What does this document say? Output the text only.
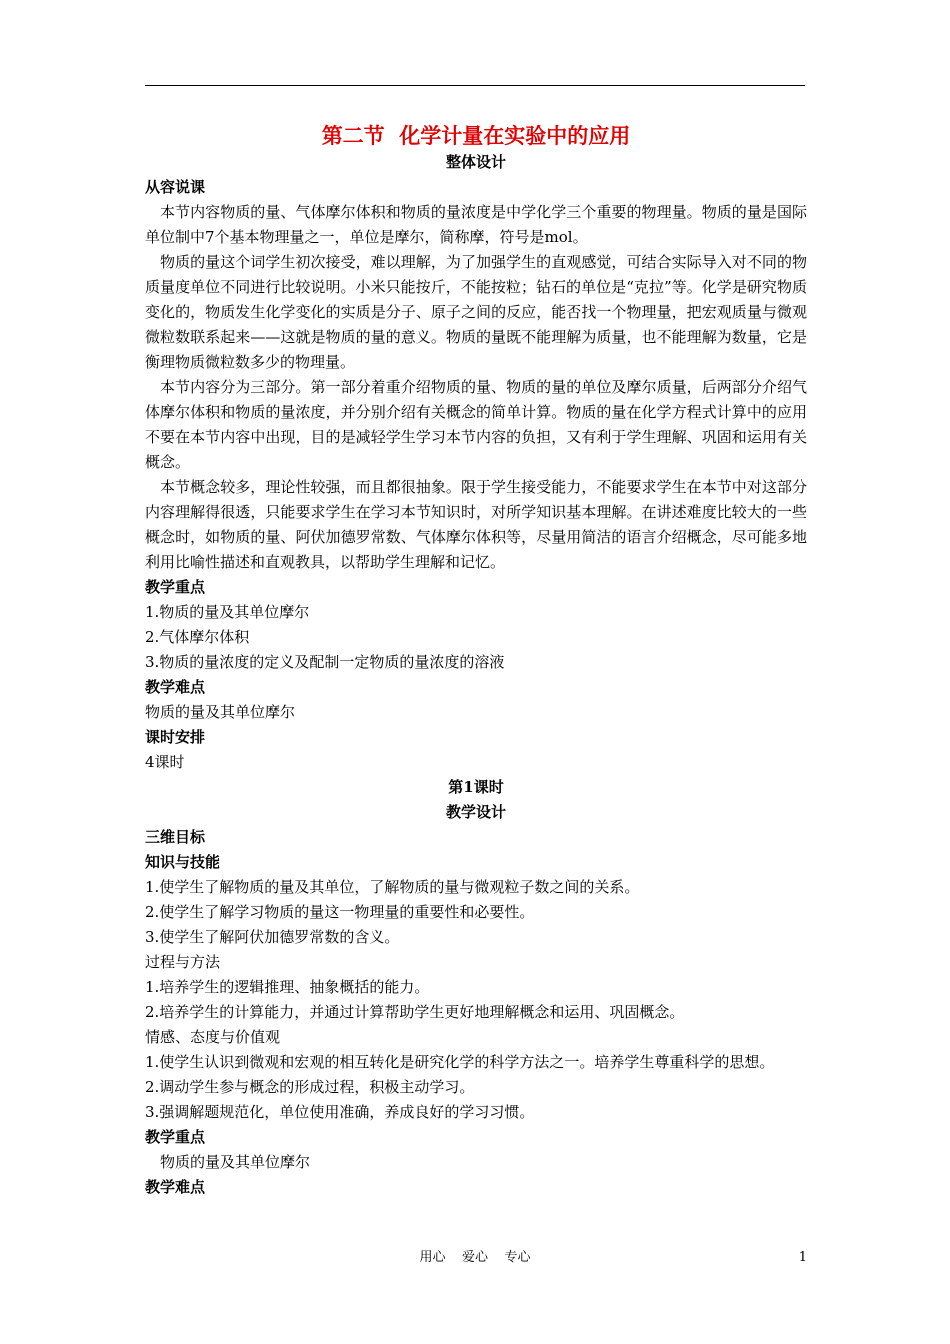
第二节  化学计量在实验中的应用
整体设计
从容说课
本节内容物质的量、气体摩尔体积和物质的量浓度是中学化学三个重要的物理量。物质的量是国际单位制中7个基本物理量之一，单位是摩尔，简称摩，符号是mol。
物质的量这个词学生初次接受，难以理解，为了加强学生的直观感觉，可结合实际导入对不同的物质量度单位不同进行比较说明。小米只能按斤，不能按粒；钻石的单位是“克拉”等。化学是研究物质变化的，物质发生化学变化的实质是分子、原子之间的反应，能否找一个物理量，把宏观质量与微观微粒数联系起来——这就是物质的量的意义。物质的量既不能理解为质量，也不能理解为数量，它是衡理物质微粒数多少的物理量。
本节内容分为三部分。第一部分着重介绍物质的量、物质的量的单位及摩尔质量，后两部分介绍气体摩尔体积和物质的量浓度，并分别介绍有关概念的简单计算。物质的量在化学方程式计算中的应用不要在本节内容中出现，目的是减轻学生学习本节内容的负担，又有利于学生理解、巩固和运用有关概念。
本节概念较多，理论性较强，而且都很抽象。限于学生接受能力，不能要求学生在本节中对这部分内容理解得很透，只能要求学生在学习本节知识时，对所学知识基本理解。在讲述难度比较大的一些概念时，如物质的量、阿伏加德罗常数、气体摩尔体积等，尽量用简洁的语言介绍概念，尽可能多地利用比喻性描述和直观教具，以帮助学生理解和记忆。
教学重点
1.物质的量及其单位摩尔
2.气体摩尔体积
3.物质的量浓度的定义及配制一定物质的量浓度的溶液
教学难点
物质的量及其单位摩尔
课时安排
4课时
第1课时
教学设计
三维目标
知识与技能
1.使学生了解物质的量及其单位，了解物质的量与微观粒子数之间的关系。
2.使学生了解学习物质的量这一物理量的重要性和必要性。
3.使学生了解阿伏加德罗常数的含义。
过程与方法
1.培养学生的逻辑推理、抽象概括的能力。
2.培养学生的计算能力，并通过计算帮助学生更好地理解概念和运用、巩固概念。
情感、态度与价值观
1.使学生认识到微观和宏观的相互转化是研究化学的科学方法之一。培养学生尊重科学的思想。
2.调动学生参与概念的形成过程，积极主动学习。
3.强调解题规范化，单位使用准确，养成良好的学习习惯。
教学重点
物质的量及其单位摩尔
教学难点
用心    爱心    专心	1
